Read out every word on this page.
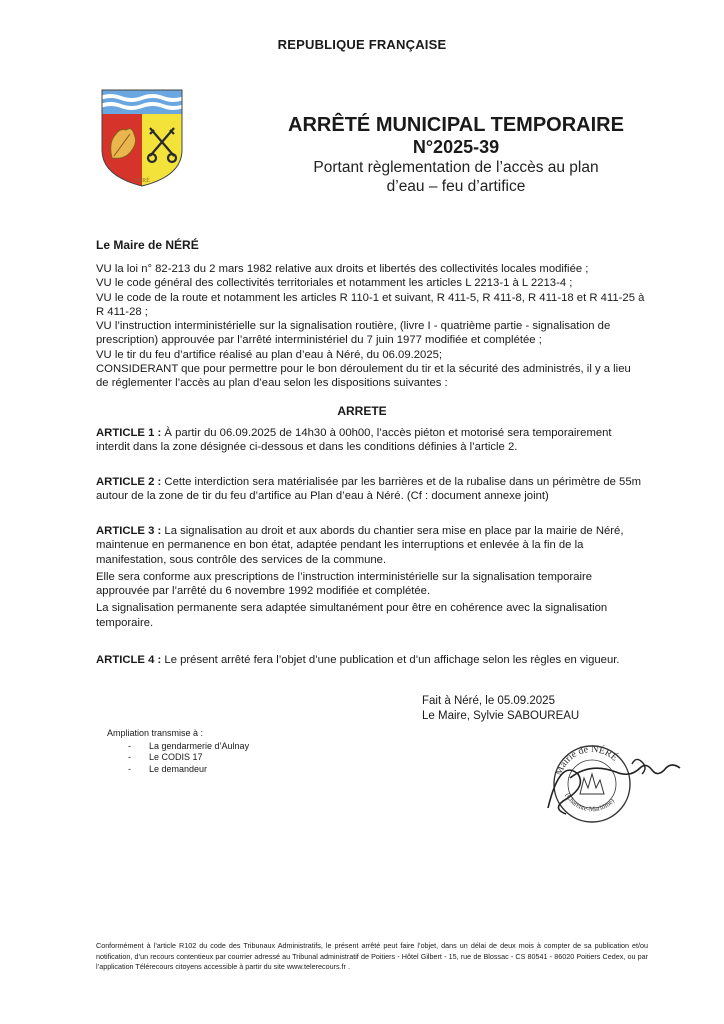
REPUBLIQUE FRANÇAISE
NÉRÉ
ARRÊTÉ MUNICIPAL TEMPORAIRE
N°2025-39
Portant règlementation de l’accès au plan
d’eau – feu d’artifice
Le Maire de NÉRÉ

VU la loi n° 82-213 du 2 mars 1982 relative aux droits et libertés des collectivités locales modifiée ;

VU le code général des collectivités territoriales et notamment les articles L 2213-1 à L 2213-4 ;

VU le code de la route et notamment les articles R 110-1 et suivant, R 411-5, R 411-8, R 411-18 et R 411-25 à R 411-28 ;

VU l’instruction interministérielle sur la signalisation routière, (livre I - quatrième partie - signalisation de prescription) approuvée par l’arrêté interministériel du 7 juin 1977 modifiée et complétée ;

VU le tir du feu d’artifice réalisé au plan d’eau à Néré, du 06.09.2025;

CONSIDERANT que pour permettre pour le bon déroulement du tir et la sécurité des administrés, il y a lieu de réglementer l’accès au plan d’eau selon les dispositions suivantes :

ARRETE

ARTICLE 1 : À partir du 06.09.2025 de 14h30 à 00h00, l’accès piéton et motorisé sera temporairement interdit dans la zone désignée ci-dessous et dans les conditions définies à l’article 2.

ARTICLE 2 : Cette interdiction sera matérialisée par les barrières et de la rubalise dans un périmètre de 55m autour de la zone de tir du feu d’artifice au Plan d’eau à Néré. (Cf : document annexe joint)

ARTICLE 3 : La signalisation au droit et aux abords du chantier sera mise en place par la mairie de Néré, maintenue en permanence en bon état, adaptée pendant les interruptions et enlevée à la fin de la manifestation, sous contrôle des services de la commune.

Elle sera conforme aux prescriptions de l’instruction interministérielle sur la signalisation temporaire approuvée par l’arrêté du 6 novembre 1992 modifiée et complétée.

La signalisation permanente sera adaptée simultanément pour être en cohérence avec la signalisation temporaire.

ARTICLE 4 : Le présent arrêté fera l’objet d’une publication et d’un affichage selon les règles en vigueur.

Fait à Néré, le 05.09.2025
Le Maire, Sylvie SABOUREAU
Ampliation transmise à :
- La gendarmerie d’Aulnay
- Le CODIS 17
- Le demandeur	Mairie de NÉRÉ
(Charente-Maritime)
Conformément à l’article R102 du code des Tribunaux Administratifs, le présent arrêté peut faire l’objet, dans un délai de deux mois à compter de sa publication et/ou notification, d’un recours contentieux par courrier adressé au Tribunal administratif de Poitiers - Hôtel Gilbert - 15, rue de Blossac - CS 80541 - 86020 Poitiers Cedex, ou par l’application Télérecours citoyens accessible à partir du site www.telerecours.fr .
